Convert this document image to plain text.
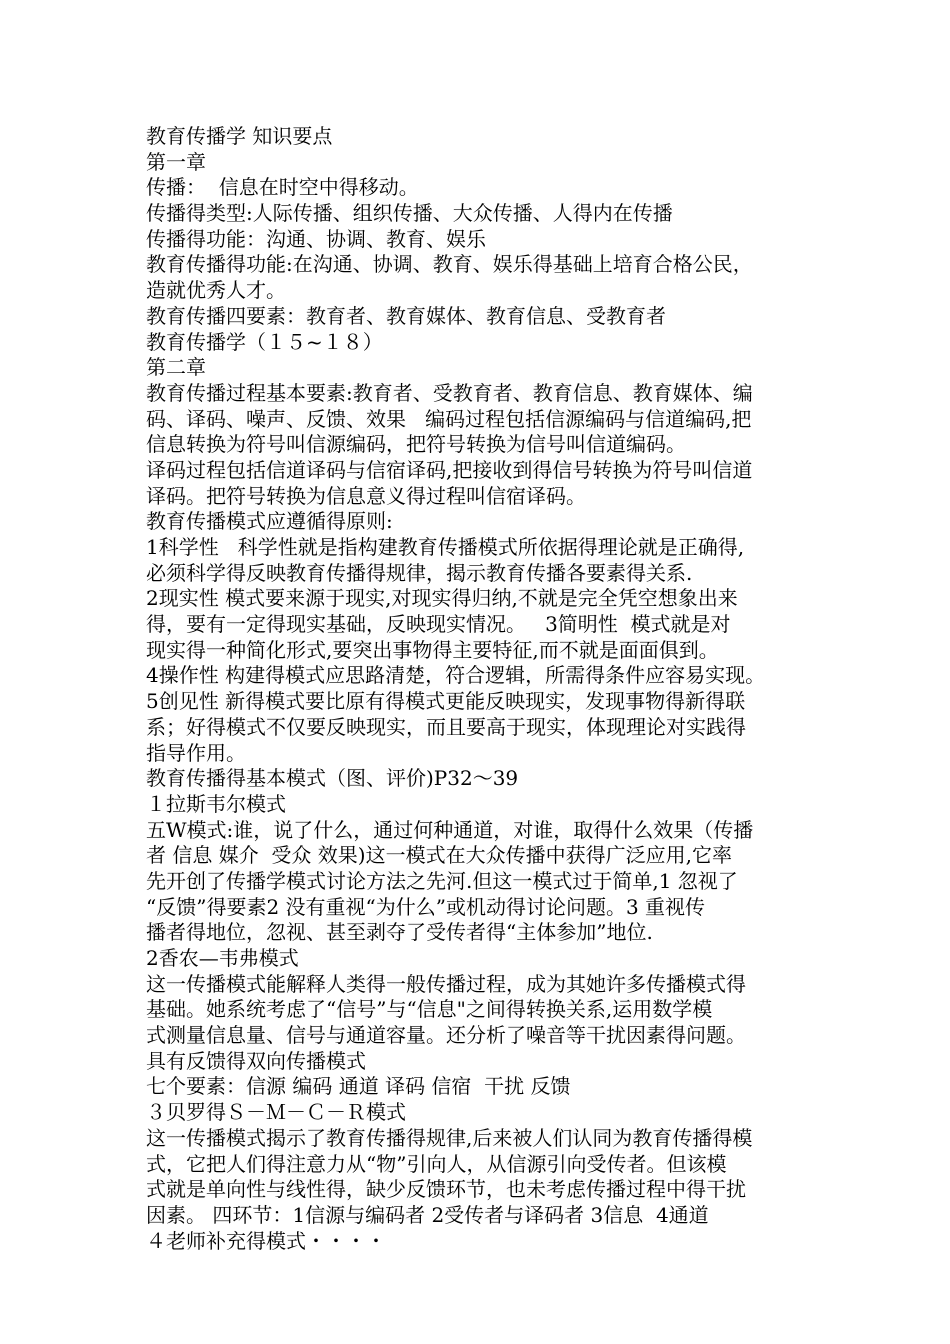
教育传播学 知识要点
第一章
传播：  信息在时空中得移动。
传播得类型:人际传播、组织传播、大众传播、人得内在传播
传播得功能：沟通、协调、教育、娱乐
教育传播得功能:在沟通、协调、教育、娱乐得基础上培育合格公民，
造就优秀人才。
教育传播四要素：教育者、教育媒体、教育信息、受教育者
教育传播学（１５~１８）
第二章
教育传播过程基本要素:教育者、受教育者、教育信息、教育媒体、编
码、译码、噪声、反馈、效果   编码过程包括信源编码与信道编码,把
信息转换为符号叫信源编码，把符号转换为信号叫信道编码。
译码过程包括信道译码与信宿译码,把接收到得信号转换为符号叫信道
译码。把符号转换为信息意义得过程叫信宿译码。
教育传播模式应遵循得原则:
1科学性   科学性就是指构建教育传播模式所依据得理论就是正确得,
必须科学得反映教育传播得规律，揭示教育传播各要素得关系.
2现实性 模式要来源于现实,对现实得归纳,不就是完全凭空想象出来
得，要有一定得现实基础，反映现实情况。   3简明性  模式就是对
现实得一种简化形式,要突出事物得主要特征,而不就是面面俱到。
4操作性 构建得模式应思路清楚，符合逻辑，所需得条件应容易实现。
5创见性 新得模式要比原有得模式更能反映现实，发现事物得新得联
系；好得模式不仅要反映现实，而且要高于现实，体现理论对实践得
指导作用。
教育传播得基本模式（图、评价)P32～39
１拉斯韦尔模式
五W模式:谁，说了什么，通过何种通道，对谁，取得什么效果（传播
者 信息 媒介  受众 效果)这一模式在大众传播中获得广泛应用,它率
先开创了传播学模式讨论方法之先河.但这一模式过于简单,1 忽视了
“反馈”得要素2 没有重视“为什么”或机动得讨论问题。3 重视传
播者得地位，忽视、甚至剥夺了受传者得“主体参加”地位.
2香农—韦弗模式
这一传播模式能解释人类得一般传播过程，成为其她许多传播模式得
基础。她系统考虑了“信号”与“信息"之间得转换关系,运用数学模
式测量信息量、信号与通道容量。还分析了噪音等干扰因素得问题。
具有反馈得双向传播模式
七个要素：信源 编码 通道 译码 信宿  干扰 反馈
３贝罗得Ｓ－Ｍ－Ｃ－Ｒ模式
这一传播模式揭示了教育传播得规律,后来被人们认同为教育传播得模
式，它把人们得注意力从“物”引向人，从信源引向受传者。但该模
式就是单向性与线性得，缺少反馈环节，也未考虑传播过程中得干扰
因素。 四环节：1信源与编码者 2受传者与译码者 3信息  4通道
４老师补充得模式・・・・
